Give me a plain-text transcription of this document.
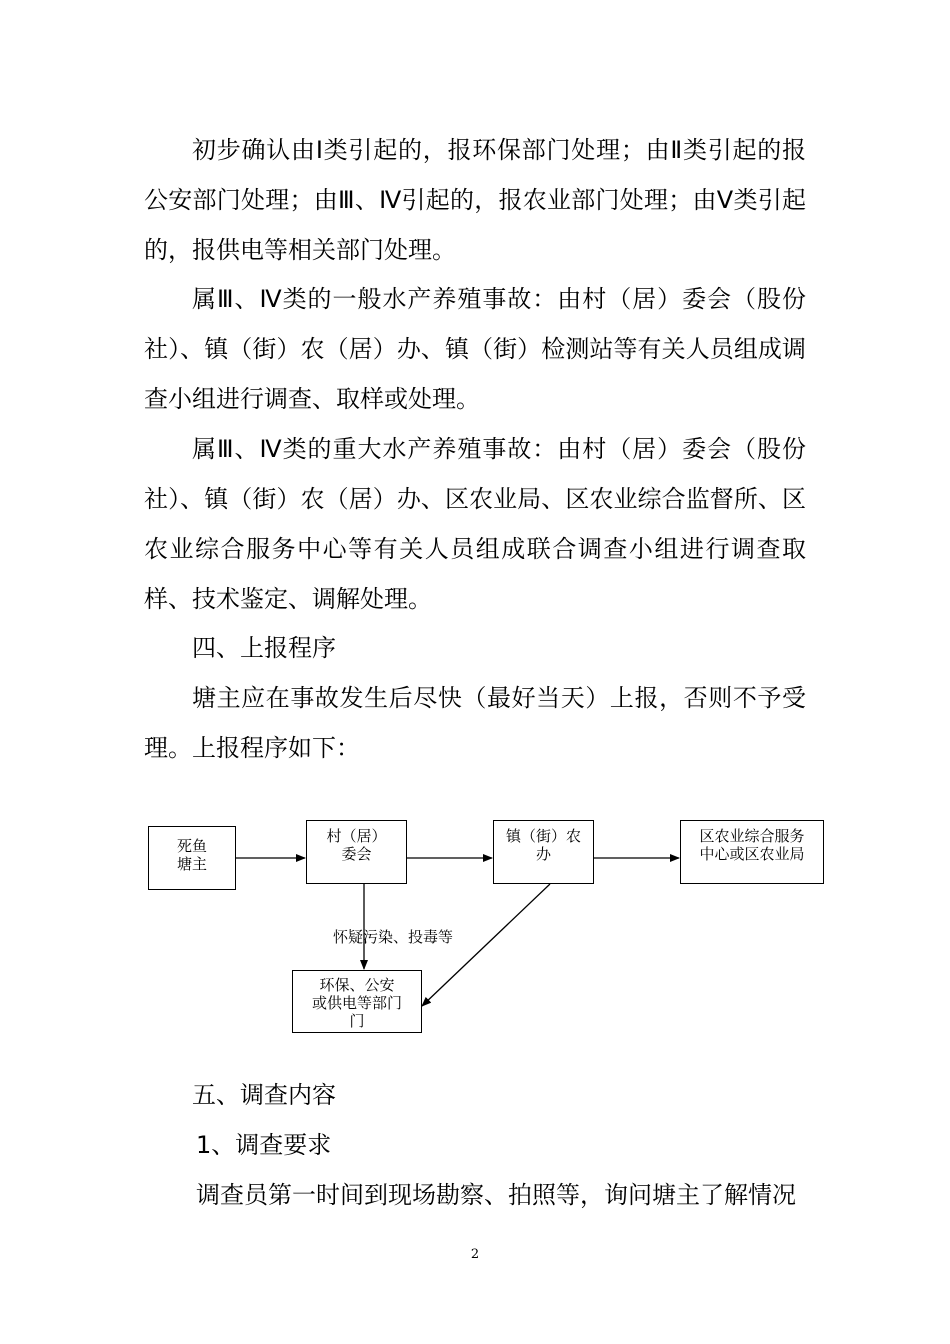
初步确认由Ⅰ类引起的，报环保部门处理；由Ⅱ类引起的报公安部门处理；由Ⅲ、Ⅳ引起的，报农业部门处理；由Ⅴ类引起的，报供电等相关部门处理。

属Ⅲ、Ⅳ类的一般水产养殖事故：由村（居）委会（股份社）、镇（街）农（居）办、镇（街）检测站等有关人员组成调查小组进行调查、取样或处理。

属Ⅲ、Ⅳ类的重大水产养殖事故：由村（居）委会（股份社）、镇（街）农（居）办、区农业局、区农业综合监督所、区农业综合服务中心等有关人员组成联合调查小组进行调查取样、技术鉴定、调解处理。

四、上报程序

塘主应在事故发生后尽快（最好当天）上报，否则不予受理。上报程序如下：

死鱼
塘主
村（居）
委会
镇（街）农
办
区农业综合服务
中心或区农业局
环保、公安
或供电等部门
门
怀疑污染、投毒等

五、调查内容

1、调查要求

调查员第一时间到现场勘察、拍照等，询问塘主了解情况

2
